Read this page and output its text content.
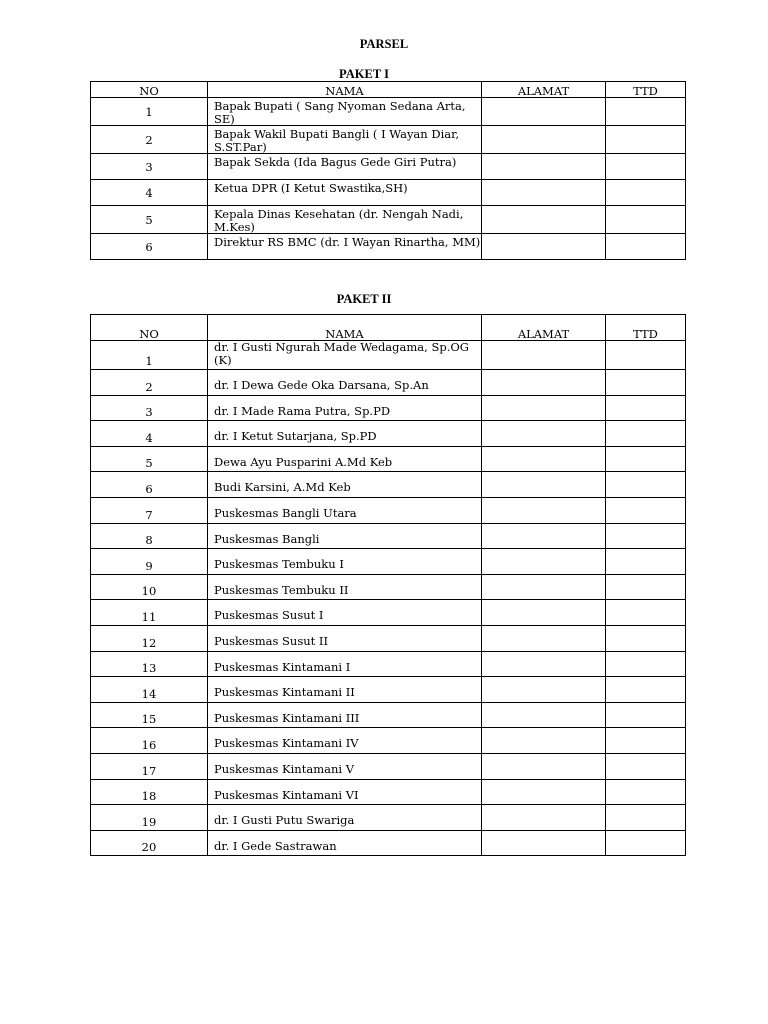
PARSEL
PAKET I
NO	NAMA	ALAMAT	TTD
1	Bapak Bupati ( Sang Nyoman Sedana Arta, SE)		
2	Bapak Wakil Bupati Bangli ( I Wayan Diar, S.ST.Par)		
3	Bapak Sekda (Ida Bagus Gede Giri Putra)		
4	Ketua DPR (I Ketut Swastika,SH)		
5	Kepala Dinas Kesehatan (dr. Nengah Nadi, M.Kes)		
6	Direktur RS BMC (dr. I Wayan Rinartha, MM)		
PAKET II
NO	NAMA	ALAMAT	TTD
1	dr. I Gusti Ngurah Made Wedagama, Sp.OG (K)		
2	dr. I Dewa Gede Oka Darsana, Sp.An		
3	dr. I Made Rama Putra, Sp.PD		
4	dr. I Ketut Sutarjana, Sp.PD		
5	Dewa Ayu Pusparini A.Md Keb		
6	Budi Karsini, A.Md Keb		
7	Puskesmas Bangli Utara		
8	Puskesmas Bangli		
9	Puskesmas Tembuku I		
10	Puskesmas Tembuku II		
11	Puskesmas Susut I		
12	Puskesmas Susut II		
13	Puskesmas Kintamani I		
14	Puskesmas Kintamani II		
15	Puskesmas Kintamani III		
16	Puskesmas Kintamani IV		
17	Puskesmas Kintamani V		
18	Puskesmas Kintamani VI		
19	dr. I Gusti Putu Swariga		
20	dr. I Gede Sastrawan		
